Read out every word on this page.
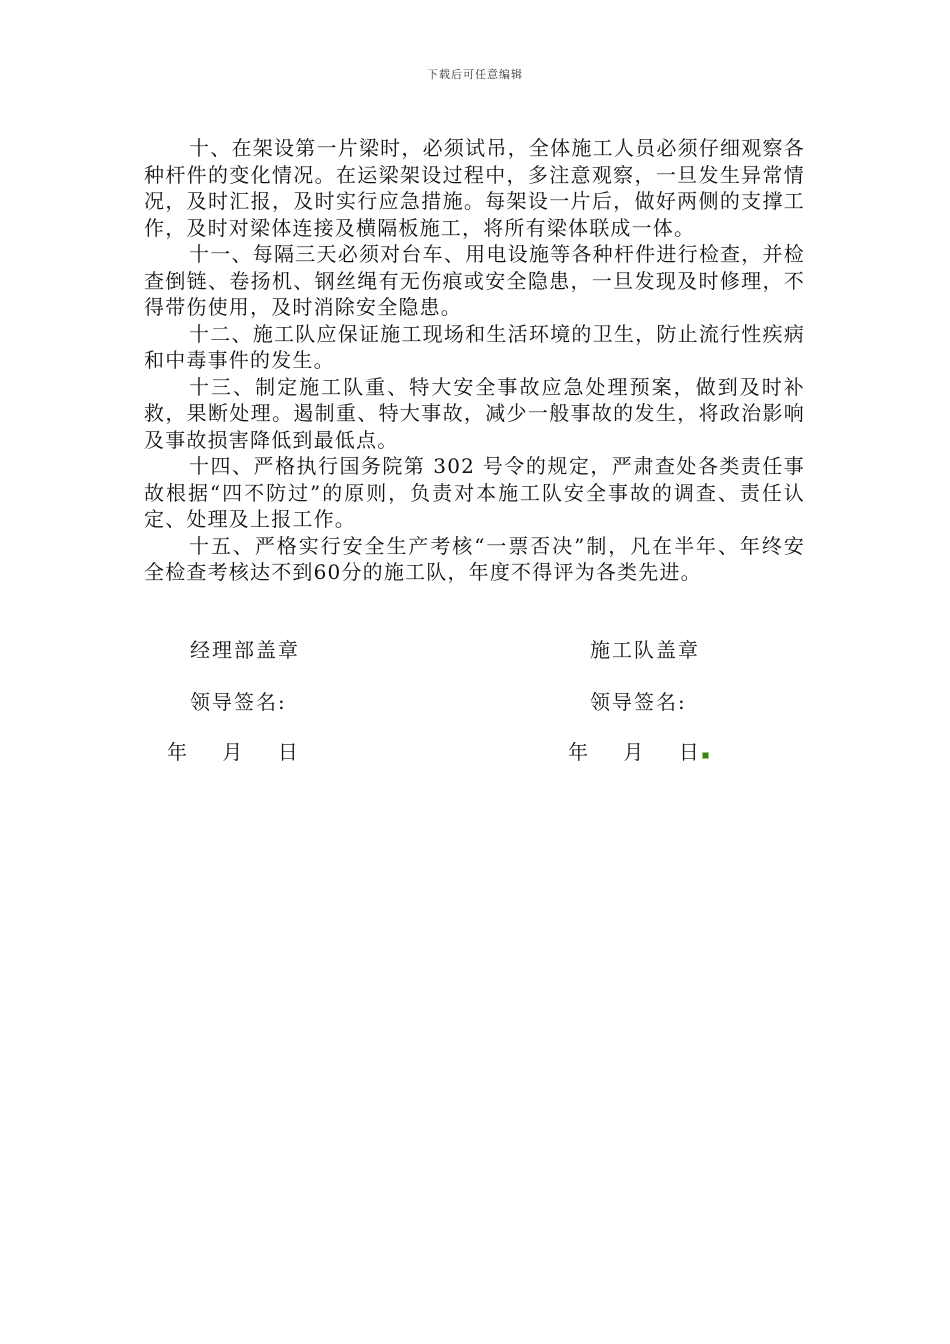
下载后可任意编辑

十、在架设第一片梁时，必须试吊，全体施工人员必须仔细观察各种杆件的变化情况。在运梁架设过程中，多注意观察，一旦发生异常情况，及时汇报，及时实行应急措施。每架设一片后，做好两侧的支撑工作，及时对梁体连接及横隔板施工，将所有梁体联成一体。

十一、每隔三天必须对台车、用电设施等各种杆件进行检查，并检查倒链、卷扬机、钢丝绳有无伤痕或安全隐患，一旦发现及时修理，不得带伤使用，及时消除安全隐患。

十二、施工队应保证施工现场和生活环境的卫生，防止流行性疾病和中毒事件的发生。

十三、制定施工队重、特大安全事故应急处理预案，做到及时补救，果断处理。遏制重、特大事故，减少一般事故的发生，将政治影响及事故损害降低到最低点。

十四、严格执行国务院第 302 号令的规定，严肃查处各类责任事故根据“四不防过”的原则，负责对本施工队安全事故的调查、责任认定、处理及上报工作。

十五、严格实行安全生产考核“一票否决”制，凡在半年、年终安全检查考核达不到60分的施工队，年度不得评为各类先进。

经理部盖章	施工队盖章
领导签名:	领导签名:
年    月    日	年    月    日
